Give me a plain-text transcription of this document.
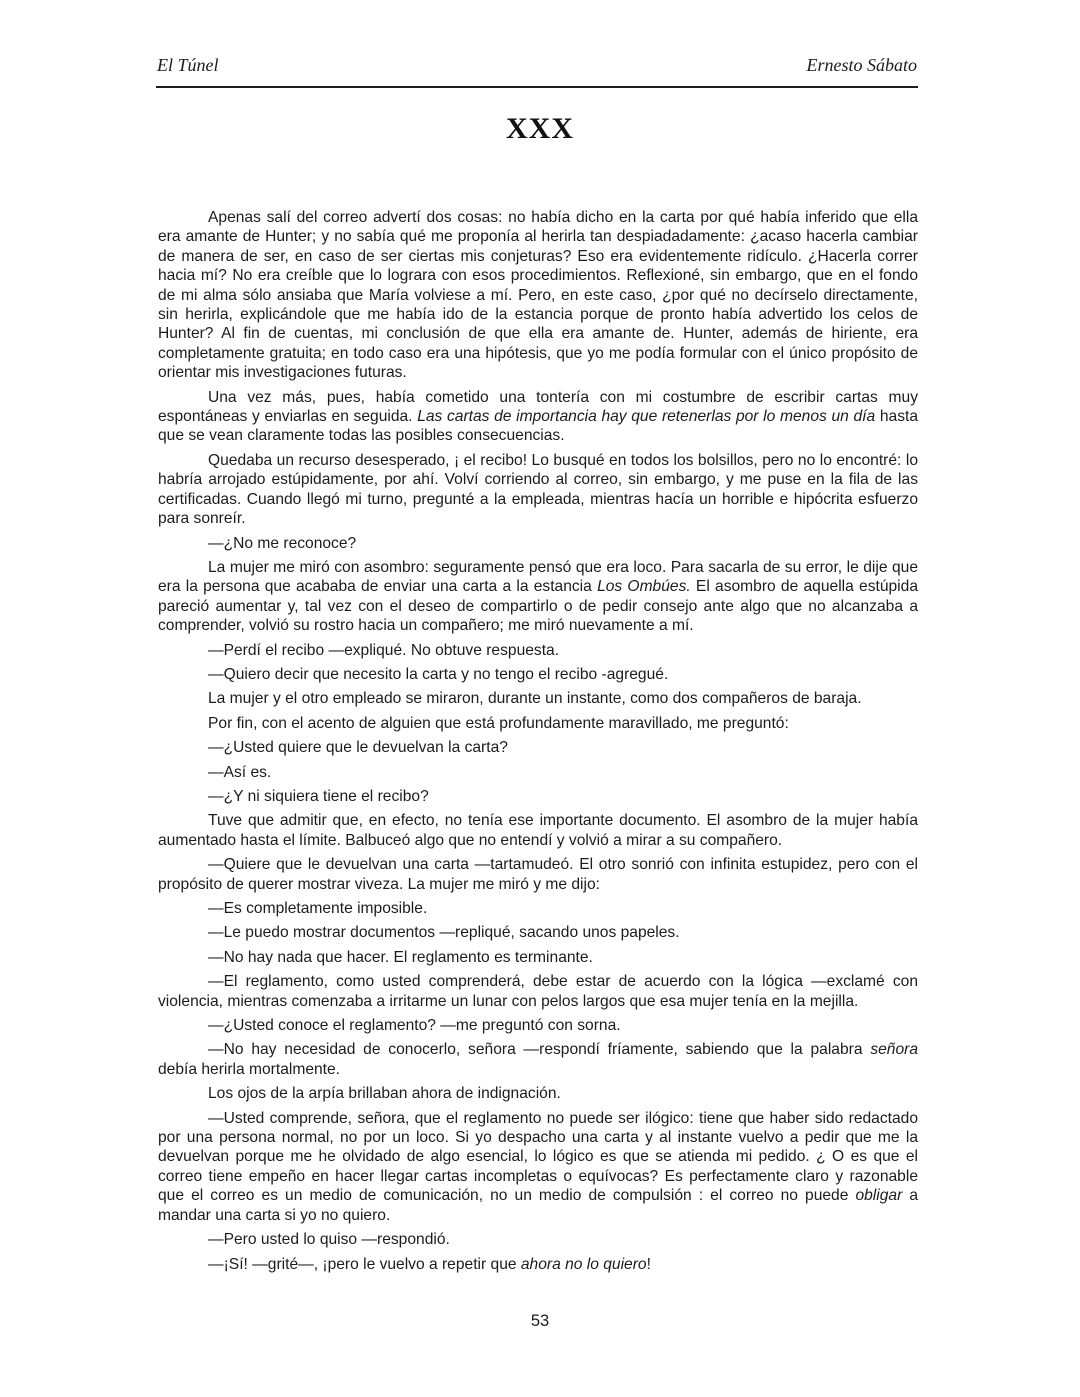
El Túnel	Ernesto Sábato
XXX

Apenas salí del correo advertí dos cosas: no había dicho en la carta por qué había inferido que ella era amante de Hunter; y no sabía qué me proponía al herirla tan despiadadamente: ¿acaso hacerla cambiar de manera de ser, en caso de ser ciertas mis conjeturas? Eso era evidentemente ridículo. ¿Hacerla correr hacia mí? No era creíble que lo lograra con esos procedimientos. Reflexioné, sin embargo, que en el fondo de mi alma sólo ansiaba que María volviese a mí. Pero, en este caso, ¿por qué no decírselo directamente, sin herirla, explicándole que me había ido de la estancia porque de pronto había advertido los celos de Hunter? Al fin de cuentas, mi conclusión de que ella era amante de. Hunter, además de hiriente, era completamente gratuita; en todo caso era una hipótesis, que yo me podía formular con el único propósito de orientar mis investigaciones futuras.

Una vez más, pues, había cometido una tontería con mi costumbre de escribir cartas muy espontáneas y enviarlas en seguida. Las cartas de importancia hay que retenerlas por lo menos un día hasta que se vean claramente todas las posibles consecuencias.

Quedaba un recurso desesperado, ¡ el recibo! Lo busqué en todos los bolsillos, pero no lo encontré: lo habría arrojado estúpidamente, por ahí. Volví corriendo al correo, sin embargo, y me puse en la fila de las certificadas. Cuando llegó mi turno, pregunté a la empleada, mientras hacía un horrible e hipócrita esfuerzo para sonreír.

—¿No me reconoce?

La mujer me miró con asombro: seguramente pensó que era loco. Para sacarla de su error, le dije que era la persona que acababa de enviar una carta a la estancia Los Ombúes. El asombro de aquella estúpida pareció aumentar y, tal vez con el deseo de compartirlo o de pedir consejo ante algo que no alcanzaba a comprender, volvió su rostro hacia un compañero; me miró nuevamente a mí.

—Perdí el recibo —expliqué. No obtuve respuesta.

—Quiero decir que necesito la carta y no tengo el recibo -agregué.

La mujer y el otro empleado se miraron, durante un instante, como dos compañeros de baraja.

Por fin, con el acento de alguien que está profundamente maravillado, me preguntó:

—¿Usted quiere que le devuelvan la carta?

—Así es.

—¿Y ni siquiera tiene el recibo?

Tuve que admitir que, en efecto, no tenía ese importante documento. El asombro de la mujer había aumentado hasta el límite. Balbuceó algo que no entendí y volvió a mirar a su compañero.

—Quiere que le devuelvan una carta —tartamudeó. El otro sonrió con infinita estupidez, pero con el propósito de querer mostrar viveza. La mujer me miró y me dijo:

—Es completamente imposible.

—Le puedo mostrar documentos —repliqué, sacando unos papeles.

—No hay nada que hacer. El reglamento es terminante.

—El reglamento, como usted comprenderá, debe estar de acuerdo con la lógica —exclamé con violencia, mientras comenzaba a irritarme un lunar con pelos largos que esa mujer tenía en la mejilla.

—¿Usted conoce el reglamento? —me preguntó con sorna.

—No hay necesidad de conocerlo, señora —respondí fríamente, sabiendo que la palabra señora debía herirla mortalmente.

Los ojos de la arpía brillaban ahora de indignación.

—Usted comprende, señora, que el reglamento no puede ser ilógico: tiene que haber sido redactado por una persona normal, no por un loco. Si yo despacho una carta y al instante vuelvo a pedir que me la devuelvan porque me he olvidado de algo esencial, lo lógico es que se atienda mi pedido. ¿ O es que el correo tiene empeño en hacer llegar cartas incompletas o equívocas? Es perfectamente claro y razonable que el correo es un medio de comunicación, no un medio de compulsión : el correo no puede obligar a mandar una carta si yo no quiero.

—Pero usted lo quiso —respondió.

—¡Sí! —grité—, ¡pero le vuelvo a repetir que ahora no lo quiero!

53
